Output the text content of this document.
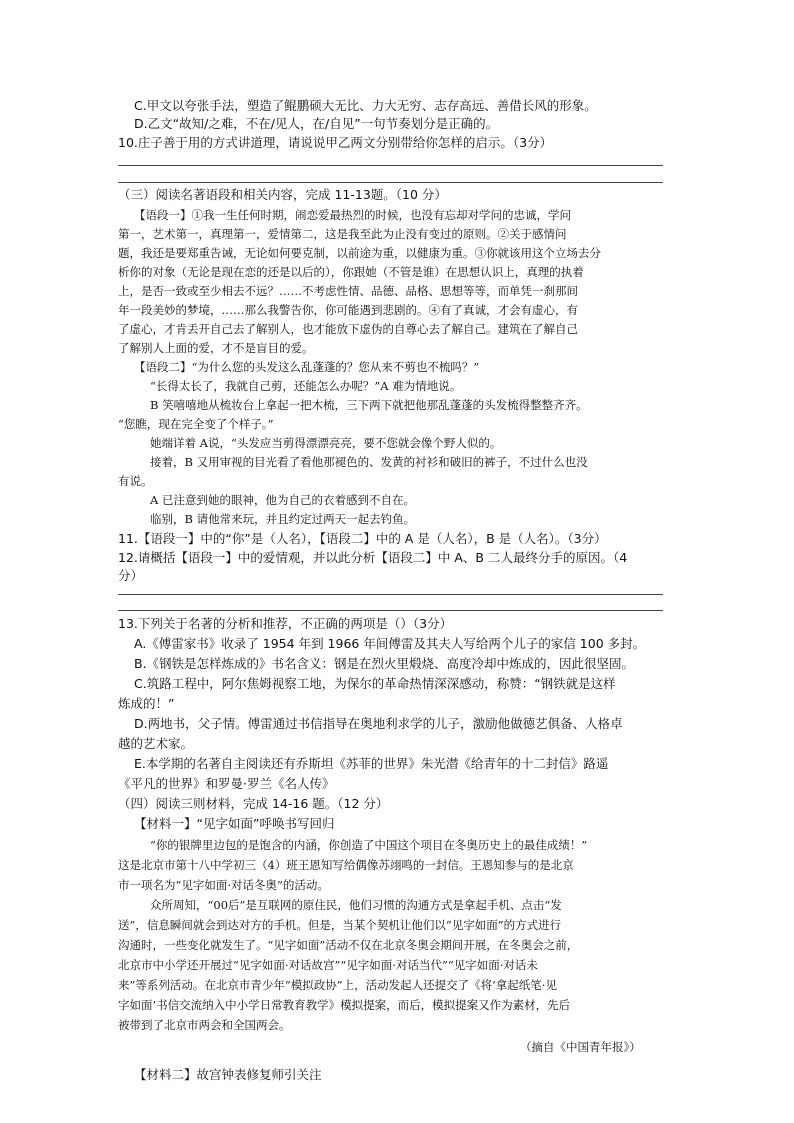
C.甲文以夸张手法，塑造了鲲鹏硕大无比、力大无穷、志存高远、善借长风的形象。
D.乙文“故知/之难，不在/见人，在/自见”一句节奏划分是正确的。
10.庄子善于用的方式讲道理，请说说甲乙两文分别带给你怎样的启示。（3分）
（三）阅读名著语段和相关内容，完成 11-13题。（10 分）
【语段一】①我一生任何时期，闹恋爱最热烈的时候，也没有忘却对学问的忠诚，学问
第一，艺术第一，真理第一，爱情第二，这是我至此为止没有变过的原则。②关于感情问
题，我还是要郑重告诫，无论如何要克制，以前途为重，以健康为重。③你就该用这个立场去分
析你的对象（无论是现在恋的还是以后的），你跟她（不管是谁）在思想认识上，真理的执着
上，是否一致或至少相去不远？……不考虑性情、品德、品格、思想等等，而单凭一刹那间
年一段美妙的梦境，……那么我警告你，你可能遇到悲剧的。④有了真诚，才会有虚心，有
了虚心，才肯丢开自己去了解别人，也才能放下虚伪的自尊心去了解自己。建筑在了解自己
了解别人上面的爱，才不是盲目的爱。
【语段二】“为什么您的头发这么乱蓬蓬的？您从来不剪也不梳吗？”
“长得太长了，我就自己剪，还能怎么办呢？”A 难为情地说。
B 笑嘻嘻地从梳妆台上拿起一把木梳，三下两下就把他那乱蓬蓬的头发梳得整整齐齐。
“您瞧，现在完全变了个样子。”
她端详着 A说，“头发应当剪得漂漂亮亮，要不您就会像个野人似的。
接着，B 又用审视的目光看了看他那褪色的、发黄的衬衫和破旧的裤子，不过什么也没
有说。
A 已注意到她的眼神，他为自己的衣着感到不自在。
临别，B 请他常来玩，并且约定过两天一起去钓鱼。
11.【语段一】中的“你”是（人名），【语段二】中的 A 是（人名），B 是（人名）。（3分）
12.请概括【语段一】中的爱情观，并以此分析【语段二】中 A、B 二人最终分手的原因。（4
分）
13.下列关于名著的分析和推荐，不正确的两项是（）（3分）
A.《傅雷家书》收录了 1954 年到 1966 年间傅雷及其夫人写给两个儿子的家信 100 多封。
B.《钢铁是怎样炼成的》书名含义：钢是在烈火里煅烧、高度冷却中炼成的，因此很坚固。
C.筑路工程中，阿尔焦姆视察工地，为保尔的革命热情深深感动，称赞：“钢铁就是这样
炼成的！”
D.两地书，父子情。傅雷通过书信指导在奥地利求学的儿子，激励他做德艺俱备、人格卓
越的艺术家。
E.本学期的名著自主阅读还有乔斯坦《苏菲的世界》朱光潜《给青年的十二封信》路遥
《平凡的世界》和罗曼·罗兰《名人传》
（四）阅读三则材料，完成 14-16 题。（12 分）
【材料一】“见字如面”呼唤书写回归
“你的银牌里边包的是饱含的内涵，你创造了中国这个项目在冬奥历史上的最佳成绩！”
这是北京市第十八中学初三（4）班王恩知写给偶像苏翊鸣的一封信。王恩知参与的是北京
市一项名为“见字如面·对话冬奥”的活动。
众所周知，“00后”是互联网的原住民，他们习惯的沟通方式是拿起手机、点击“发
送”，信息瞬间就会到达对方的手机。但是，当某个契机让他们以“见字如面”的方式进行
沟通时，一些变化就发生了。“见字如面”活动不仅在北京冬奥会期间开展，在冬奥会之前，
北京市中小学还开展过“见字如面·对话故宫”“见字如面·对话当代”“见字如面·对话未
来”等系列活动。在北京市青少年“模拟政协”上，活动发起人还提交了《将‘拿起纸笔·见
字如面’书信交流纳入中小学日常教育教学》模拟提案，而后，模拟提案又作为素材，先后
被带到了北京市两会和全国两会。
（摘自《中国青年报》）
【材料二】故宫钟表修复师引关注
